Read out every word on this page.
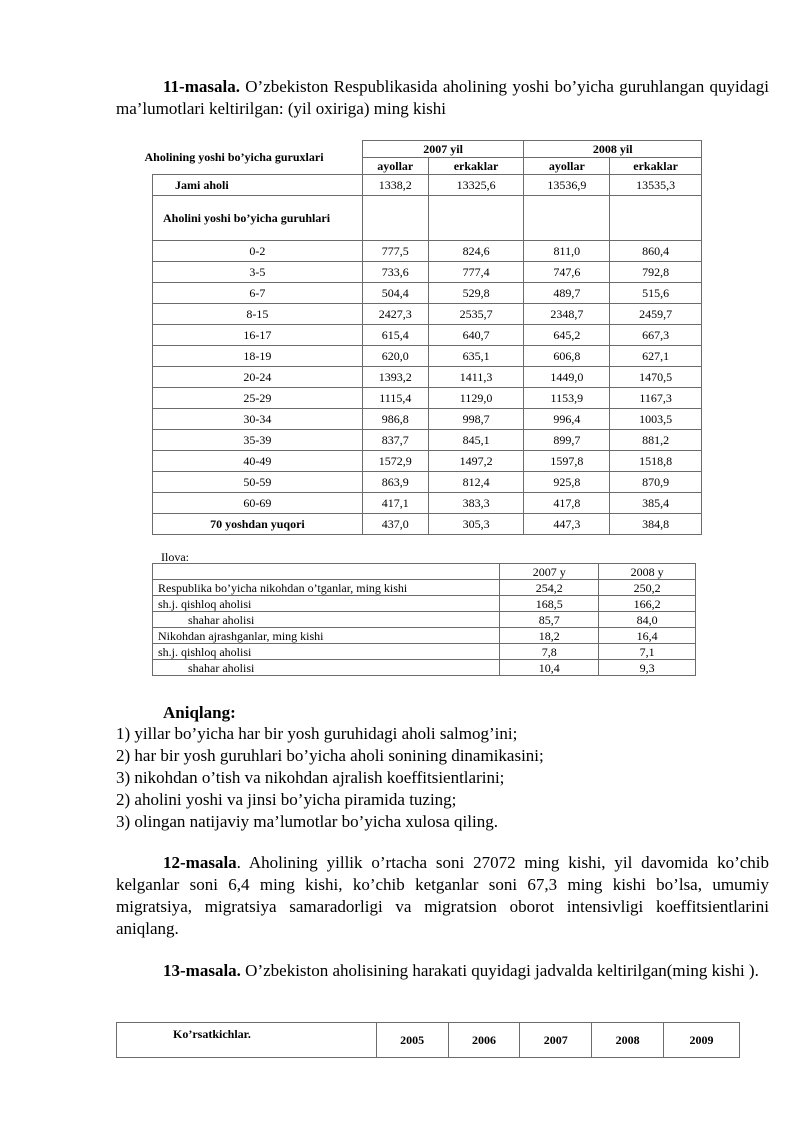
11-masala. O’zbekiston Respublikasida aholining yoshi bo’yicha guruhlangan quyidagi ma’lumotlari keltirilgan: (yil oxiriga) ming kishi
Aholining yoshi bo’yicha guruxlari	2007 yil		2008 yil	
	ayollar	erkaklar	ayollar	erkaklar
Jami aholi	1338,2	13325,6	13536,9	13535,3
Aholini yoshi bo’yicha guruhlari				
0-2	777,5	824,6	811,0	860,4
3-5	733,6	777,4	747,6	792,8
6-7	504,4	529,8	489,7	515,6
8-15	2427,3	2535,7	2348,7	2459,7
16-17	615,4	640,7	645,2	667,3
18-19	620,0	635,1	606,8	627,1
20-24	1393,2	1411,3	1449,0	1470,5
25-29	1115,4	1129,0	1153,9	1167,3
30-34	986,8	998,7	996,4	1003,5
35-39	837,7	845,1	899,7	881,2
40-49	1572,9	1497,2	1597,8	1518,8
50-59	863,9	812,4	925,8	870,9
60-69	417,1	383,3	417,8	385,4
70 yoshdan yuqori	437,0	305,3	447,3	384,8
Ilova:
	2007 y	2008 y
Respublika bo’yicha nikohdan o’tganlar, ming kishi	254,2	250,2
sh.j. qishloq aholisi	168,5	166,2
shahar aholisi	85,7	84,0
Nikohdan ajrashganlar, ming kishi	18,2	16,4
sh.j. qishloq aholisi	7,8	7,1
shahar aholisi	10,4	9,3
Aniqlang:
1) yillar bo’yicha har bir yosh guruhidagi aholi salmog’ini;
2) har bir yosh guruhlari bo’yicha aholi sonining dinamikasini;
3) nikohdan o’tish va nikohdan ajralish koeffitsientlarini;
2) aholini yoshi va jinsi bo’yicha piramida tuzing;
3) olingan natijaviy ma’lumotlar bo’yicha xulosa qiling.
12-masala. Aholining yillik o’rtacha soni 27072 ming kishi, yil davomida ko’chib kelganlar soni 6,4 ming kishi, ko’chib ketganlar soni 67,3 ming kishi bo’lsa, umumiy migratsiya, migratsiya samaradorligi va migratsion oborot intensivligi koeffitsientlarini aniqlang.
13-masala. O’zbekiston aholisining harakati quyidagi jadvalda keltirilgan(ming kishi ).
Ko’rsatkichlar.	2005	2006	2007	2008	2009
